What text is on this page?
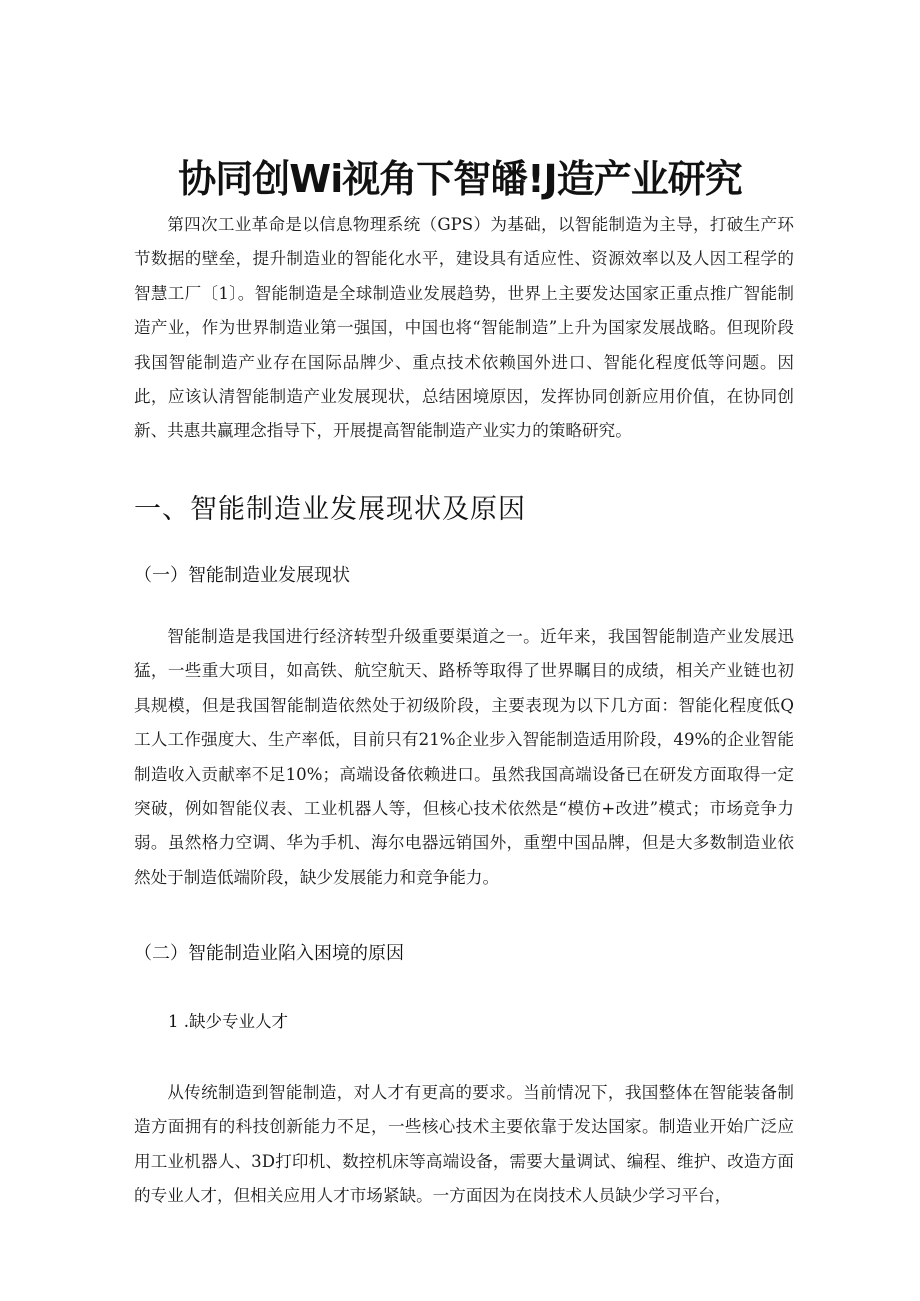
协同创Wi视角下智皤!J造产业研究

第四次工业革命是以信息物理系统（GPS）为基础，以智能制造为主导，打破生产环节数据的壁垒，提升制造业的智能化水平，建设具有适应性、资源效率以及人因工程学的智慧工厂〔1〕。智能制造是全球制造业发展趋势，世界上主要发达国家正重点推广智能制造产业，作为世界制造业第一强国，中国也将“智能制造”上升为国家发展战略。但现阶段我国智能制造产业存在国际品牌少、重点技术依赖国外进口、智能化程度低等问题。因此，应该认清智能制造产业发展现状，总结困境原因，发挥协同创新应用价值，在协同创新、共惠共赢理念指导下，开展提高智能制造产业实力的策略研究。

一、智能制造业发展现状及原因
（一）智能制造业发展现状

智能制造是我国进行经济转型升级重要渠道之一。近年来，我国智能制造产业发展迅猛，一些重大项目，如高铁、航空航天、路桥等取得了世界瞩目的成绩，相关产业链也初具规模，但是我国智能制造依然处于初级阶段，主要表现为以下几方面：智能化程度低Q工人工作强度大、生产率低，目前只有21%企业步入智能制造适用阶段，49%的企业智能制造收入贡献率不足10%；高端设备依赖进口。虽然我国高端设备已在研发方面取得一定突破，例如智能仪表、工业机器人等，但核心技术依然是“模仿+改进”模式；市场竞争力弱。虽然格力空调、华为手机、海尔电器远销国外，重塑中国品牌，但是大多数制造业依然处于制造低端阶段，缺少发展能力和竞争能力。

（二）智能制造业陷入困境的原因
1 .缺少专业人才

从传统制造到智能制造，对人才有更高的要求。当前情况下，我国整体在智能装备制造方面拥有的科技创新能力不足，一些核心技术主要依靠于发达国家。制造业开始广泛应用工业机器人、3D打印机、数控机床等高端设备，需要大量调试、编程、维护、改造方面的专业人才，但相关应用人才市场紧缺。一方面因为在岗技术人员缺少学习平台，
